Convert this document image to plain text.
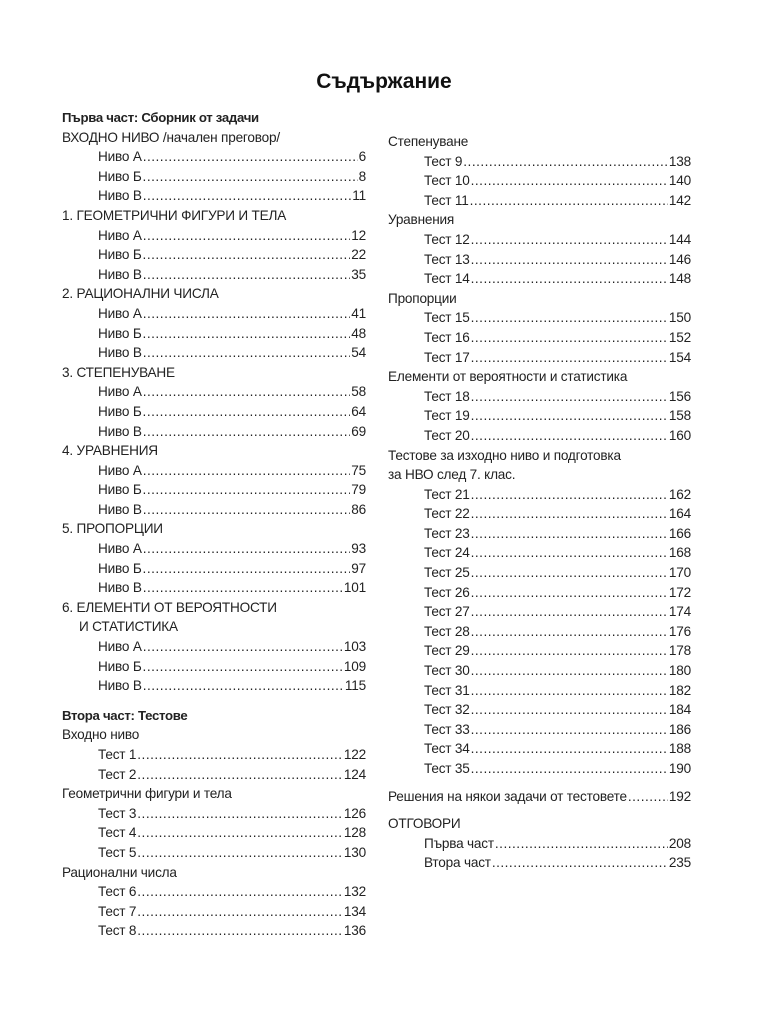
Съдържание
Първа част: Сборник от задачи
ВХОДНО НИВО /начален преговор/
Ниво А .....	6
Ниво Б .....	8
Ниво В .....	11
1. ГЕОМЕТРИЧНИ ФИГУРИ И ТЕЛА
Ниво А .....	12
Ниво Б .....	22
Ниво В .....	35
2. РАЦИОНАЛНИ ЧИСЛА
Ниво А .....	41
Ниво Б .....	48
Ниво В .....	54
3. СТЕПЕНУВАНЕ
Ниво А .....	58
Ниво Б .....	64
Ниво В .....	69
4. УРАВНЕНИЯ
Ниво А .....	75
Ниво Б .....	79
Ниво В .....	86
5. ПРОПОРЦИИ
Ниво А .....	93
Ниво Б .....	97
Ниво В .....	101
6. ЕЛЕМЕНТИ ОТ ВЕРОЯТНОСТИ
И СТАТИСТИКА
Ниво А .....	103
Ниво Б .....	109
Ниво В .....	115
Втора част: Тестове
Входно ниво
Тест 1 .....	122
Тест 2 .....	124
Геометрични фигури и тела
Тест 3 .....	126
Тест 4 .....	128
Тест 5 .....	130
Рационални числа
Тест 6 .....	132
Тест 7 .....	134
Тест 8 .....	136
Степенуване
Тест 9 .....	138
Тест 10 .....	140
Тест 11 .....	142
Уравнения
Тест 12 .....	144
Тест 13 .....	146
Тест 14 .....	148
Пропорции
Тест 15 .....	150
Тест 16 .....	152
Тест 17 .....	154
Елементи от вероятности и статистика
Тест 18 .....	156
Тест 19 .....	158
Тест 20 .....	160
Тестове за изходно ниво и подготовка
за НВО след 7. клас.
Тест 21 .....	162
Тест 22 .....	164
Тест 23 .....	166
Тест 24 .....	168
Тест 25 .....	170
Тест 26 .....	172
Тест 27 .....	174
Тест 28 .....	176
Тест 29 .....	178
Тест 30 .....	180
Тест 31 .....	182
Тест 32 .....	184
Тест 33 .....	186
Тест 34 .....	188
Тест 35 .....	190
Решения на някои задачи от тестовете .....	192
ОТГОВОРИ
Първа част .....	208
Втора част .....	235
